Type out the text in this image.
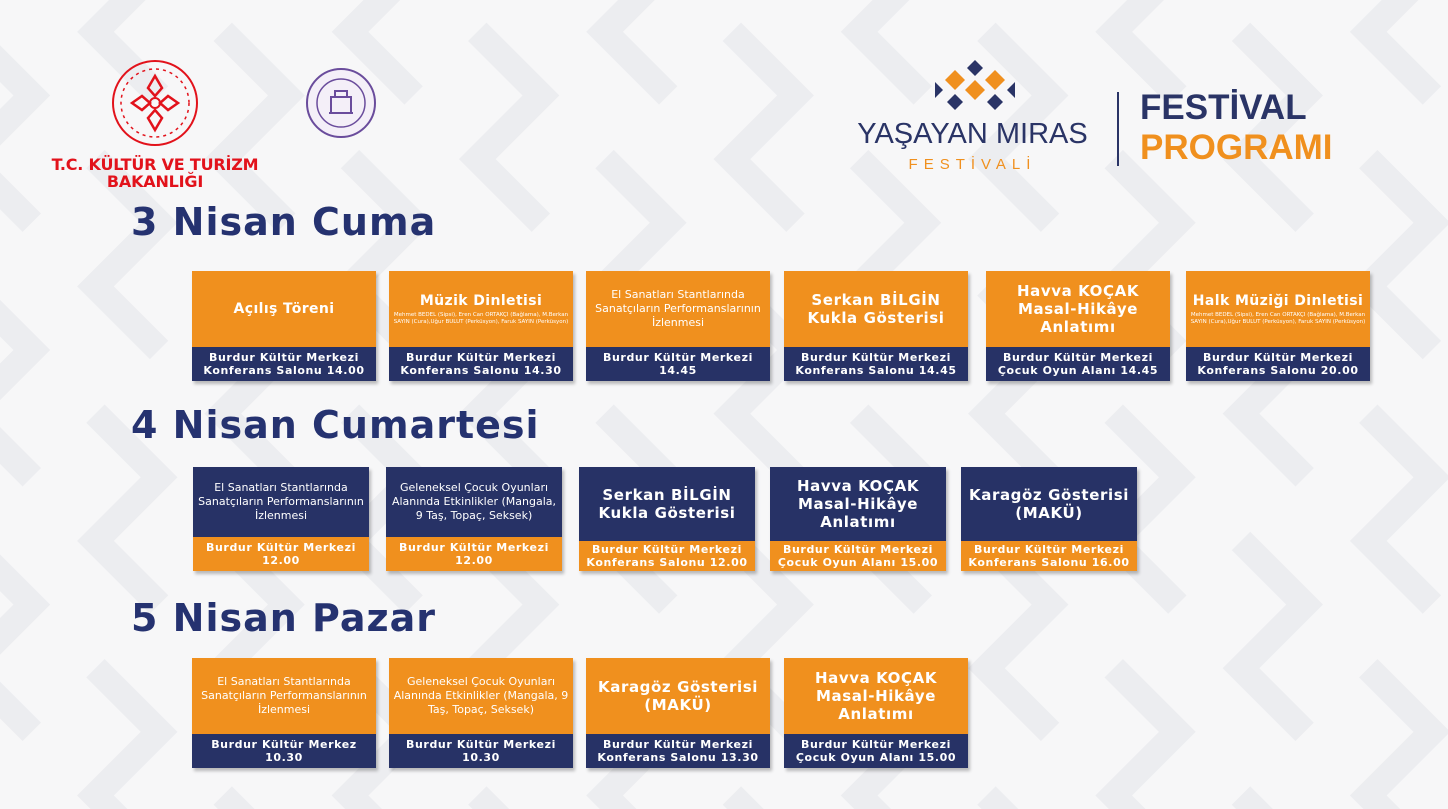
T.C. KÜLTÜR VE TURİZM
BAKANLIĞI
YAŞAYAN MIRAS
FESTİVALİ
FESTİVAL
PROGRAMI
3 Nisan Cuma
4 Nisan Cumartesi
5 Nisan Pazar
Açılış Töreni
Burdur Kültür Merkezi
Konferans Salonu 14.00
Müzik Dinletisi
Mehmet BEDEL (Sipsi), Eren Can ORTAKÇI (Bağlama), M.Berkan SAYIN (Cura),Uğur BULUT (Perküsyon), Faruk SAYIN (Perküsyon)
Burdur Kültür Merkezi
Konferans Salonu 14.30
El Sanatları Stantlarında Sanatçıların Performanslarının İzlenmesi
Burdur Kültür Merkezi 14.45
Serkan BİLGİN
Kukla Gösterisi
Burdur Kültür Merkezi
Konferans Salonu 14.45
Havva KOÇAK
Masal-Hikâye Anlatımı
Burdur Kültür Merkezi
Çocuk Oyun Alanı 14.45
Halk Müziği Dinletisi
Mehmet BEDEL (Sipsi), Eren Can ORTAKÇI (Bağlama), M.Berkan SAYIN (Cura),Uğur BULUT (Perküsyon), Faruk SAYIN (Perküsyon)
Burdur Kültür Merkezi
Konferans Salonu 20.00
El Sanatları Stantlarında Sanatçıların Performanslarının İzlenmesi
Burdur Kültür Merkezi 12.00
Geleneksel Çocuk Oyunları Alanında Etkinlikler (Mangala, 9 Taş, Topaç, Seksek)
Burdur Kültür Merkezi 12.00
Serkan BİLGİN
Kukla Gösterisi
Burdur Kültür Merkezi
Konferans Salonu 12.00
Havva KOÇAK
Masal-Hikâye Anlatımı
Burdur Kültür Merkezi
Çocuk Oyun Alanı 15.00
Karagöz Gösterisi
(MAKÜ)
Burdur Kültür Merkezi
Konferans Salonu 16.00
El Sanatları Stantlarında Sanatçıların Performanslarının İzlenmesi
Burdur Kültür Merkez 10.30
Geleneksel Çocuk Oyunları Alanında Etkinlikler (Mangala, 9 Taş, Topaç, Seksek)
Burdur Kültür Merkezi 10.30
Karagöz Gösterisi
(MAKÜ)
Burdur Kültür Merkezi
Konferans Salonu 13.30
Havva KOÇAK
Masal-Hikâye Anlatımı
Burdur Kültür Merkezi
Çocuk Oyun Alanı 15.00
